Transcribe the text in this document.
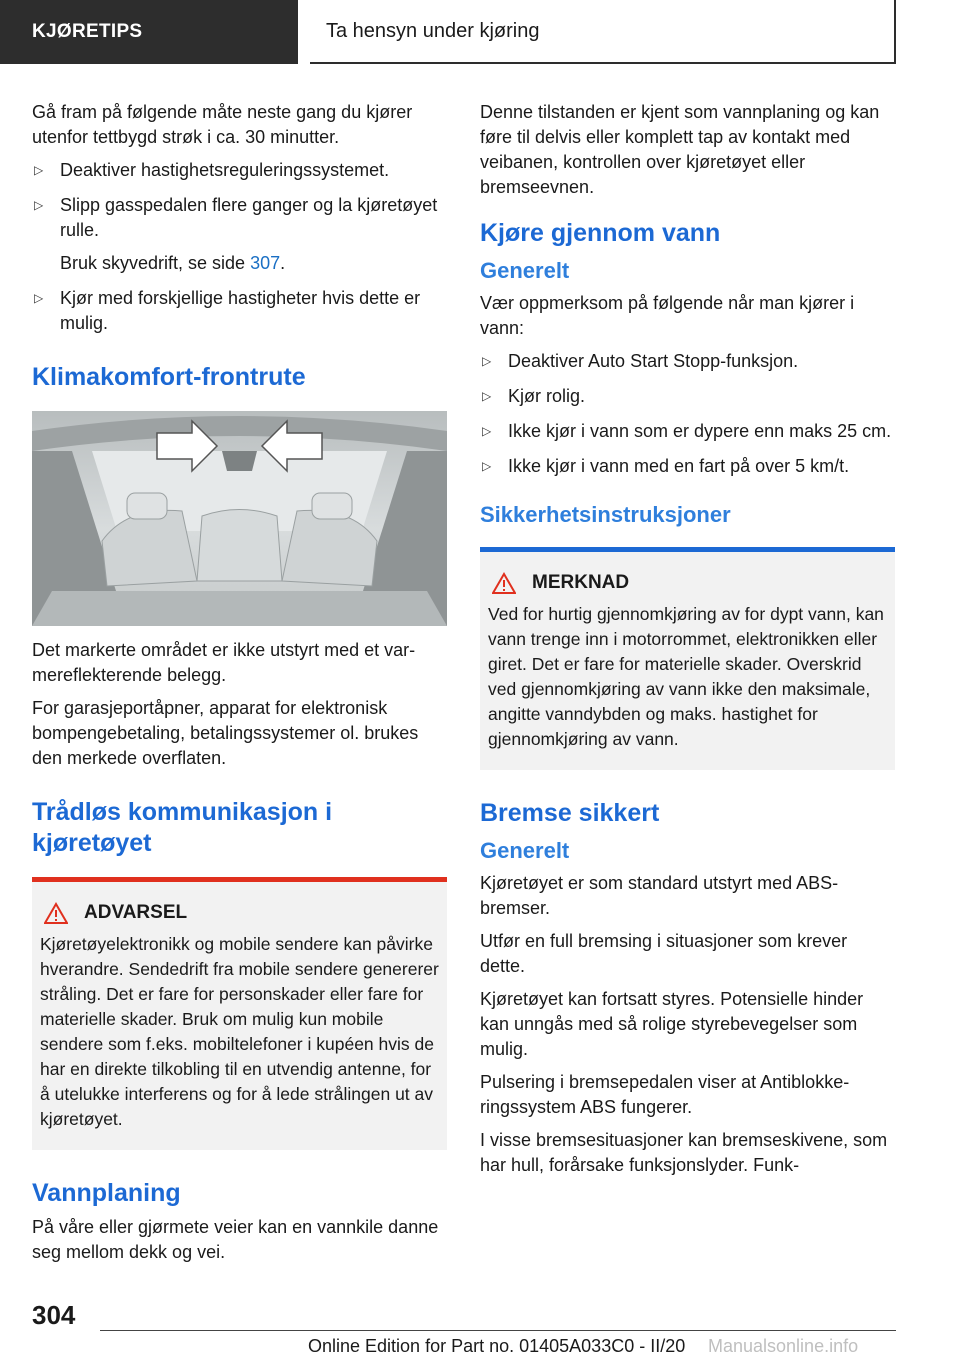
KJØRETIPS	Ta hensyn under kjøring

Gå fram på følgende måte neste gang du kjører utenfor tettbygd strøk i ca. 30 minutter.

▷ Deaktiver hastighetsreguleringssystemet.
▷ Slipp gasspedalen flere ganger og la kjøretøyet rulle.
Bruk skyvedrift, se side 307.
▷ Kjør med forskjellige hastigheter hvis dette er mulig.
Klimakomfort-frontrute

Det markerte området er ikke utstyrt med et varmereflekterende belegg.

For garasjeportåpner, apparat for elektronisk bompengebetaling, betalingssystemer ol. brukes den merkede overflaten.

Trådløs kommunikasjon i kjøretøyet
ADVARSEL

Kjøretøyelektronikk og mobile sendere kan påvirke hverandre. Sendedrift fra mobile sendere genererer stråling. Det er fare for personskader eller fare for materielle skader. Bruk om mulig kun mobile sendere som f.eks. mobiltelefoner i kupéen hvis de har en direkte tilkobling til en utvendig antenne, for å utelukke interferens og for å lede strålingen ut av kjøretøyet.

Vannplaning

På våre eller gjørmete veier kan en vannkile danne seg mellom dekk og vei.

Denne tilstanden er kjent som vannplaning og kan føre til delvis eller komplett tap av kontakt med veibanen, kontrollen over kjøretøyet eller bremseevnen.

Kjøre gjennom vann
Generelt

Vær oppmerksom på følgende når man kjører i vann:

▷ Deaktiver Auto Start Stopp-funksjon.
▷ Kjør rolig.
▷ Ikke kjør i vann som er dypere enn maks 25 cm.
▷ Ikke kjør i vann med en fart på over 5 km/t.
Sikkerhetsinstruksjoner
MERKNAD

Ved for hurtig gjennomkjøring av for dypt vann, kan vann trenge inn i motorrommet, elektronikken eller giret. Det er fare for materielle skader. Overskrid ved gjennomkjøring av vann ikke den maksimale, angitte vanndybden og maks. hastighet for gjennomkjøring av vann.

Bremse sikkert
Generelt

Kjøretøyet er som standard utstyrt med ABS-bremser.

Utfør en full bremsing i situasjoner som krever dette.

Kjøretøyet kan fortsatt styres. Potensielle hinder kan unngås med så rolige styrebevegelser som mulig.

Pulsering i bremsepedalen viser at Antiblokkeringssystem ABS fungerer.

I visse bremsesituasjoner kan bremseskivene, som har hull, forårsake funksjonslyder. Funk-

304
Online Edition for Part no. 01405A033C0 - II/20 Manualsonline.info
